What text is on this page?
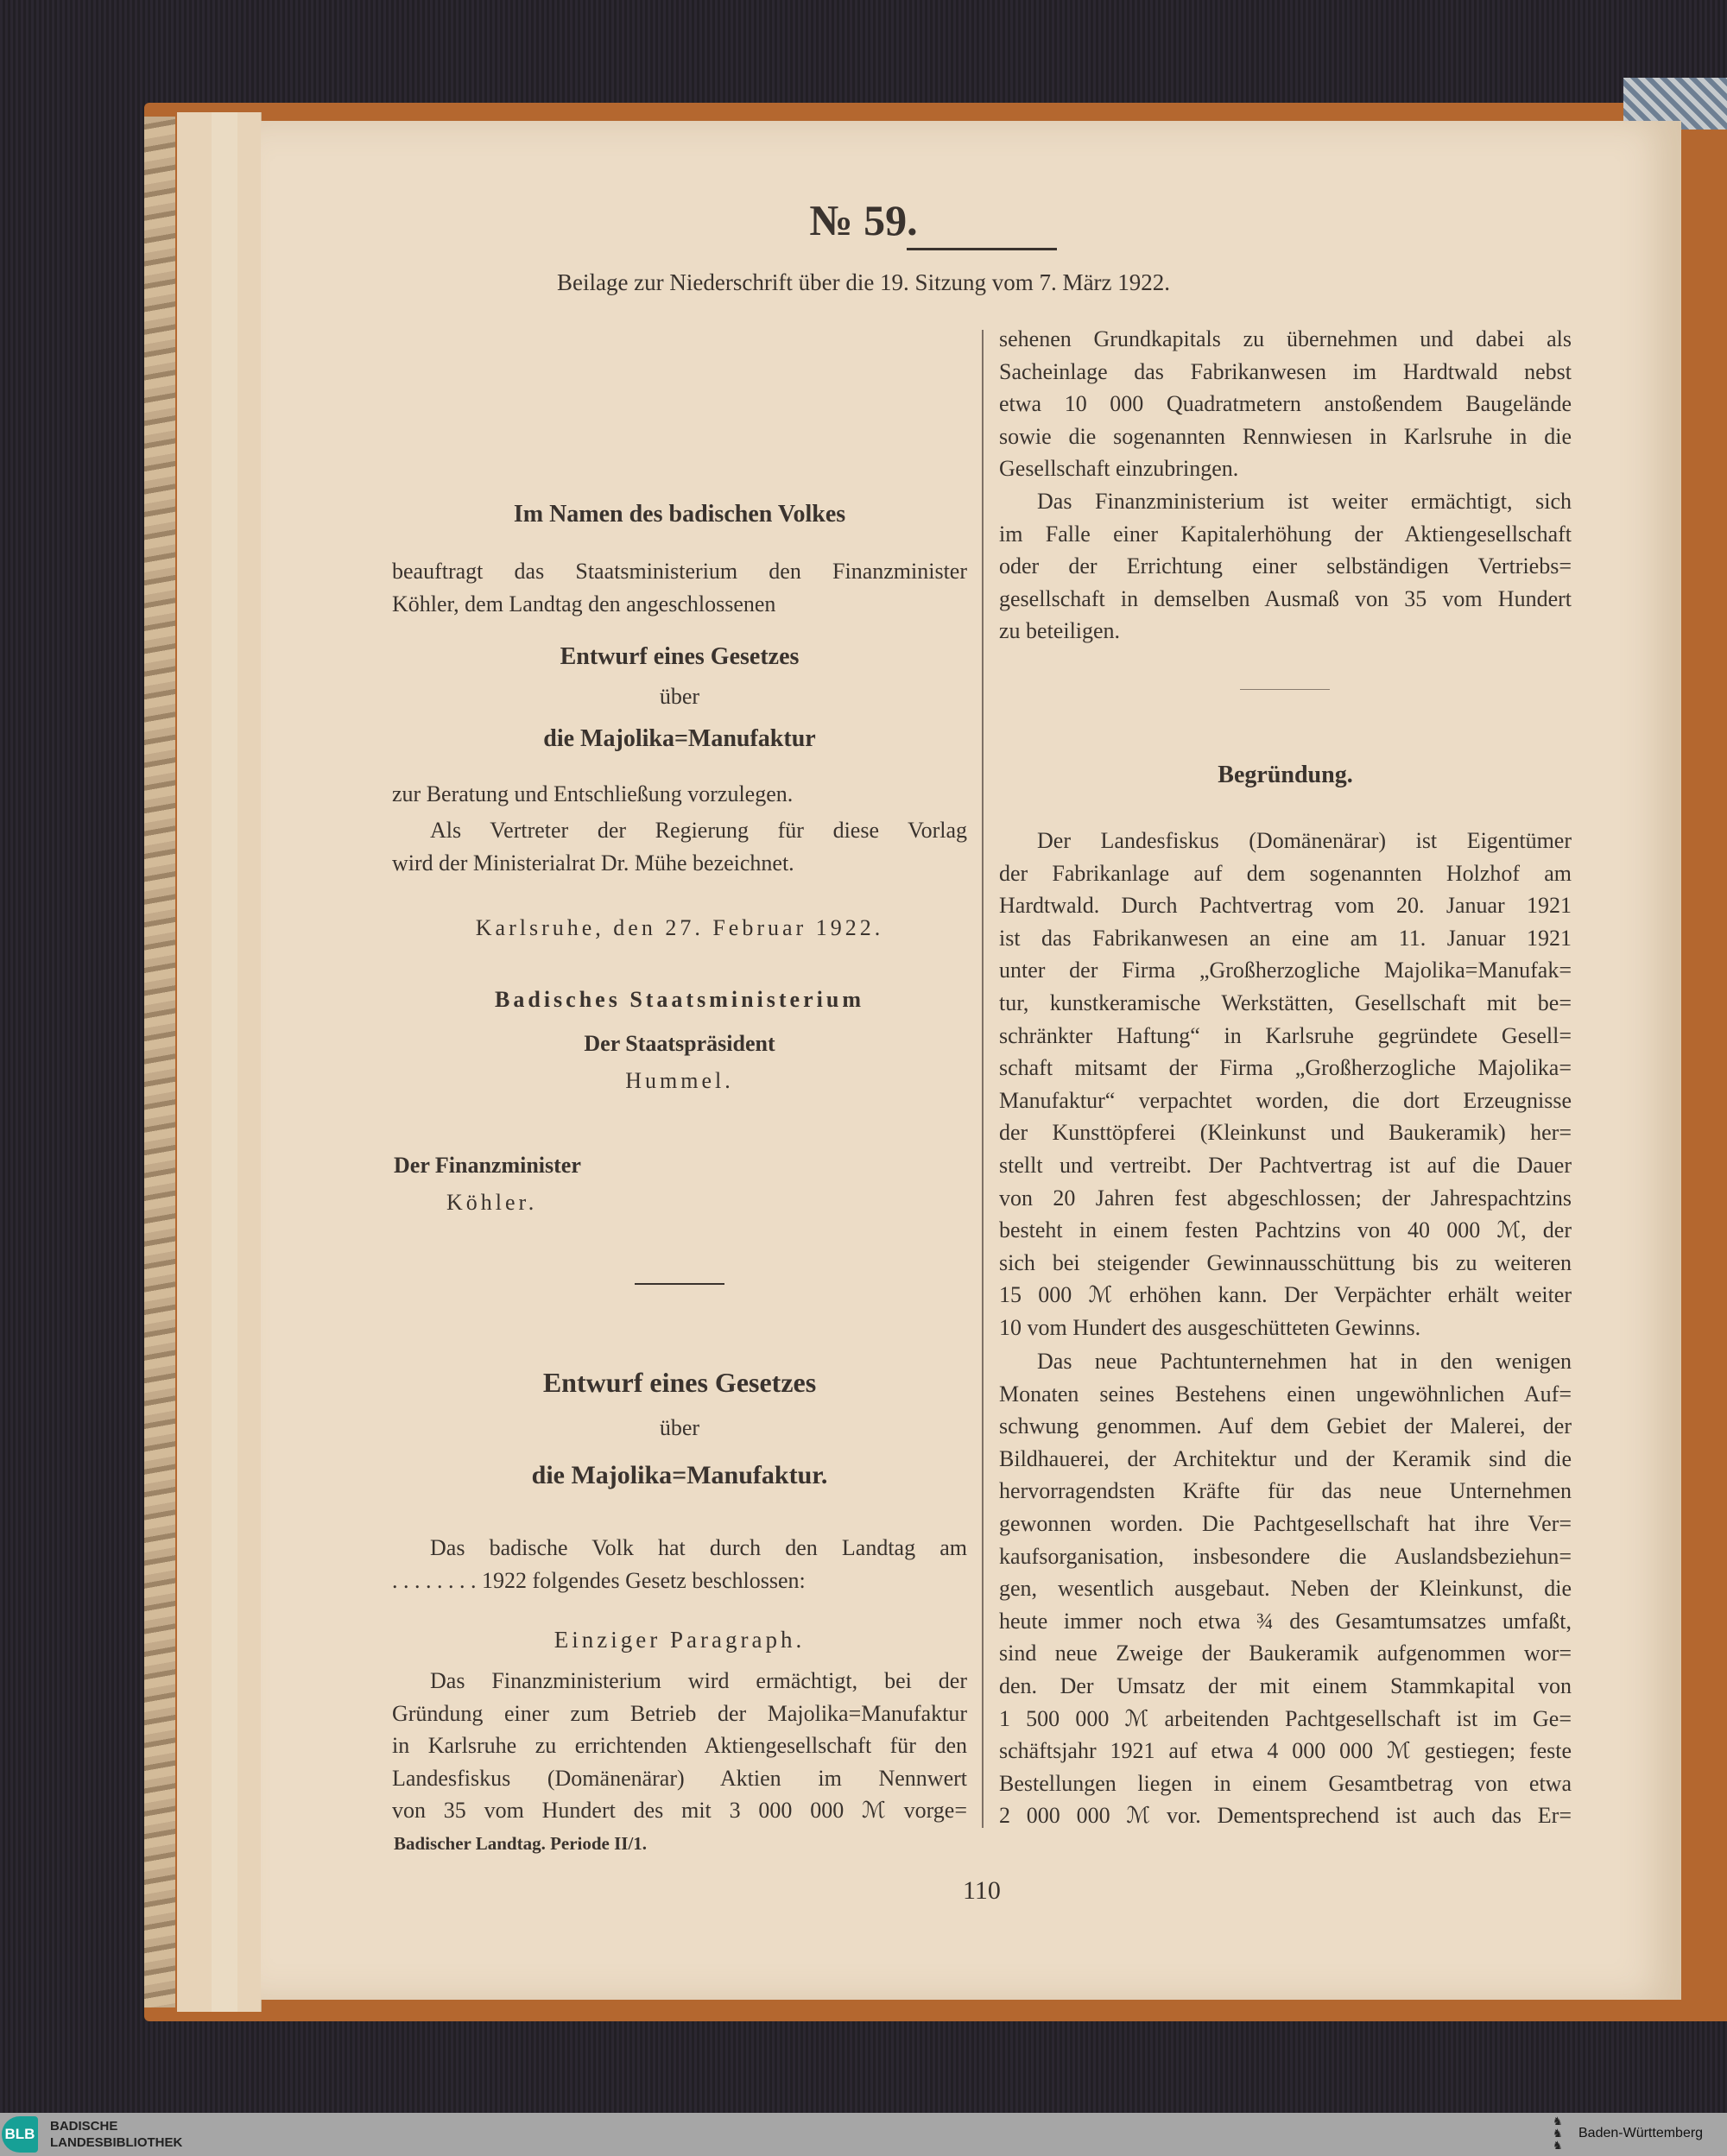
№ 59.
Beilage zur Niederschrift über die 19. Sitzung vom 7. März 1922.
Im Namen des badischen Volkes
beauftragt das Staatsministerium den Finanzminister
Köhler, dem Landtag den angeschlossenen
Entwurf eines Gesetzes
über
die Majolika=Manufaktur
zur Beratung und Entschließung vorzulegen.
Als Vertreter der Regierung für diese Vorlag
wird der Ministerialrat Dr. Mühe bezeichnet.
Karlsruhe, den 27. Februar 1922.
Badisches Staatsministerium
Der Staatspräsident
Hummel.
Der Finanzminister
Köhler.
Entwurf eines Gesetzes
über
die Majolika=Manufaktur.
Das badische Volk hat durch den Landtag am
. . . . . . . . 1922 folgendes Gesetz beschlossen:
Einziger Paragraph.
Das Finanzministerium wird ermächtigt, bei der
Gründung einer zum Betrieb der Majolika=Manufaktur
in Karlsruhe zu errichtenden Aktiengesellschaft für den
Landesfiskus (Domänenärar) Aktien im Nennwert
von 35 vom Hundert des mit 3 000 000 ℳ vorge=
Badischer Landtag. Periode II/1.
110
sehenen Grundkapitals zu übernehmen und dabei als
Sacheinlage das Fabrikanwesen im Hardtwald nebst
etwa 10 000 Quadratmetern anstoßendem Baugelände
sowie die sogenannten Rennwiesen in Karlsruhe in die
Gesellschaft einzubringen.
Das Finanzministerium ist weiter ermächtigt, sich
im Falle einer Kapitalerhöhung der Aktiengesellschaft
oder der Errichtung einer selbständigen Vertriebs=
gesellschaft in demselben Ausmaß von 35 vom Hundert
zu beteiligen.
Begründung.
Der Landesfiskus (Domänenärar) ist Eigentümer
der Fabrikanlage auf dem sogenannten Holzhof am
Hardtwald. Durch Pachtvertrag vom 20. Januar 1921
ist das Fabrikanwesen an eine am 11. Januar 1921
unter der Firma „Großherzogliche Majolika=Manufak=
tur, kunstkeramische Werkstätten, Gesellschaft mit be=
schränkter Haftung“ in Karlsruhe gegründete Gesell=
schaft mitsamt der Firma „Großherzogliche Majolika=
Manufaktur“ verpachtet worden, die dort Erzeugnisse
der Kunsttöpferei (Kleinkunst und Baukeramik) her=
stellt und vertreibt. Der Pachtvertrag ist auf die Dauer
von 20 Jahren fest abgeschlossen; der Jahrespachtzins
besteht in einem festen Pachtzins von 40 000 ℳ, der
sich bei steigender Gewinnausschüttung bis zu weiteren
15 000 ℳ erhöhen kann. Der Verpächter erhält weiter
10 vom Hundert des ausgeschütteten Gewinns.
Das neue Pachtunternehmen hat in den wenigen
Monaten seines Bestehens einen ungewöhnlichen Auf=
schwung genommen. Auf dem Gebiet der Malerei, der
Bildhauerei, der Architektur und der Keramik sind die
hervorragendsten Kräfte für das neue Unternehmen
gewonnen worden. Die Pachtgesellschaft hat ihre Ver=
kaufsorganisation, insbesondere die Auslandsbeziehun=
gen, wesentlich ausgebaut. Neben der Kleinkunst, die
heute immer noch etwa ¾ des Gesamtumsatzes umfaßt,
sind neue Zweige der Baukeramik aufgenommen wor=
den. Der Umsatz der mit einem Stammkapital von
1 500 000 ℳ arbeitenden Pachtgesellschaft ist im Ge=
schäftsjahr 1921 auf etwa 4 000 000 ℳ gestiegen; feste
Bestellungen liegen in einem Gesamtbetrag von etwa
2 000 000 ℳ vor. Dementsprechend ist auch das Er=
BLB BADISCHE
LANDESBIBLIOTHEK
♞
♞
♞
Baden-Württemberg
